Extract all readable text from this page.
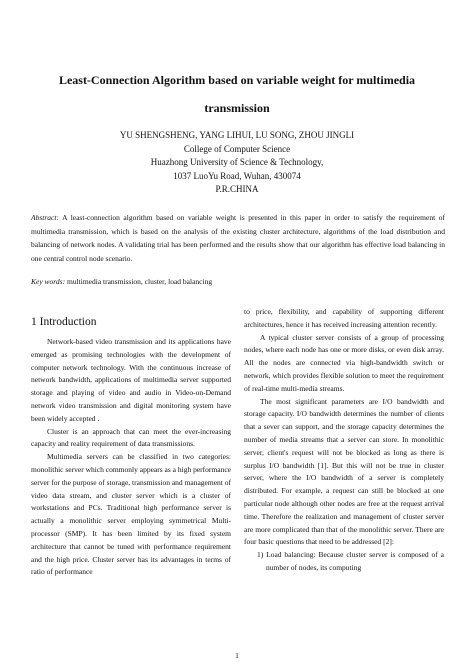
Least-Connection Algorithm based on variable weight for multimedia
transmission
YU SHENGSHENG, YANG LIHUI, LU SONG, ZHOU JINGLI
College of Computer Science
Huazhong University of Science & Technology,
1037 LuoYu Road, Wuhan, 430074
P.R.CHINA
Abstract: A least-connection algorithm based on variable weight is presented in this paper in order to satisfy the requirement of multimedia transmission, which is based on the analysis of the existing cluster architecture, algorithms of the load distribution and balancing of network nodes. A validating trial has been performed and the results show that our algorithm has effective load balancing in one central control node scenario.
Key words: multimedia transmission, cluster, load balancing
1 Introduction

Network-based video transmission and its applications have emerged as promising technologies with the development of computer network technology. With the continuous increase of network bandwidth, applications of multimedia server supported storage and playing of video and audio in Video-on-Demand network video transmission and digital monitoring system have been widely accepted .

Cluster is an approach that can meet the ever-increasing capacity and reality requirement of data transmissions.

Multimedia servers can be classified in two categories: monolithic server which commonly appears as a high performance server for the purpose of storage, transmission and management of video data stream, and cluster server which is a cluster of workstations and PCs. Traditional high performance server is actually a monolithic server employing symmetrical Multi-processor (SMP). It has been limited by its fixed system architecture that cannot be tuned with performance requirement and the high price. Cluster server has its advantages in terms of ratio of performance

to price, flexibility, and capability of supporting different architectures, hence it has received increasing attention recently.

A typical cluster server consists of a group of processing nodes, where each node has one or more disks, or even disk array. All the nodes are connected via high-bandwidth switch or network, which provides flexible solution to meet the requirement of real-time multi-media streams.

The most significant parameters are I/O bandwidth and storage capacity. I/O bandwidth determines the number of clients that a sever can support, and the storage capacity determines the number of media streams that a server can store. In monolithic server, client's request will not be blocked as long as there is surplus I/O bandwidth [1]. But this will not be true in cluster server, where the I/O bandwidth of a server is completely distributed. For example, a request can still be blocked at one particular node although other nodes are free at the request arrival time. Therefore the realization and management of cluster server are more complicated than that of the monolithic server. There are four basic questions that need to be addressed [2]:

1) Load balancing: Because cluster server is composed of a number of nodes, its computing

1
